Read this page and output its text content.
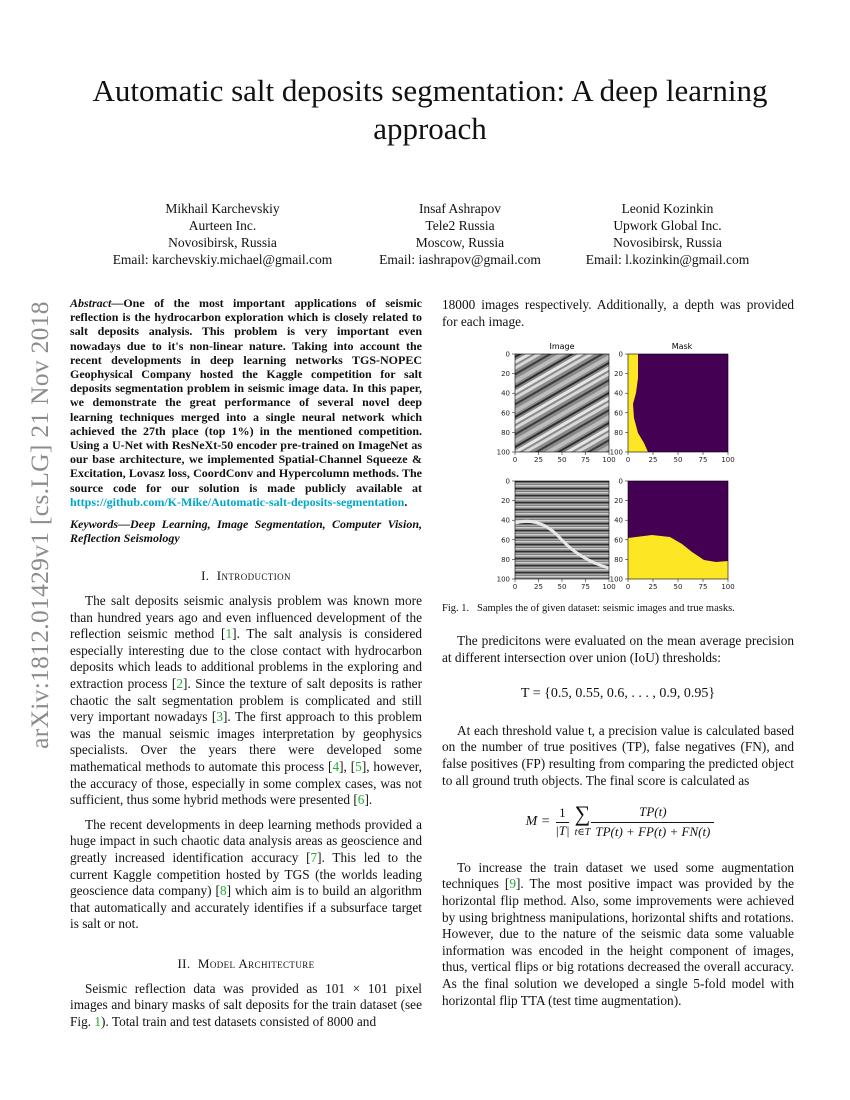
arXiv:1812.01429v1 [cs.LG] 21 Nov 2018
Automatic salt deposits segmentation: A deep learning approach
Mikhail Karchevskiy
Aurteen Inc.
Novosibirsk, Russia
Email: karchevskiy.michael@gmail.com
Insaf Ashrapov
Tele2 Russia
Moscow, Russia
Email: iashrapov@gmail.com
Leonid Kozinkin
Upwork Global Inc.
Novosibirsk, Russia
Email: l.kozinkin@gmail.com
Abstract—One of the most important applications of seismic reflection is the hydrocarbon exploration which is closely related to salt deposits analysis. This problem is very important even nowadays due to it's non-linear nature. Taking into account the recent developments in deep learning networks TGS-NOPEC Geophysical Company hosted the Kaggle competition for salt deposits segmentation problem in seismic image data. In this paper, we demonstrate the great performance of several novel deep learning techniques merged into a single neural network which achieved the 27th place (top 1%) in the mentioned competition. Using a U-Net with ResNeXt-50 encoder pre-trained on ImageNet as our base architecture, we implemented Spatial-Channel Squeeze & Excitation, Lovasz loss, CoordConv and Hypercolumn methods. The source code for our solution is made publicly available at https://github.com/K-Mike/Automatic-salt-deposits-segmentation.
Keywords—Deep Learning, Image Segmentation, Computer Vision, Reflection Seismology
I. Introduction

The salt deposits seismic analysis problem was known more than hundred years ago and even influenced development of the reflection seismic method [1]. The salt analysis is considered especially interesting due to the close contact with hydrocarbon deposits which leads to additional problems in the exploring and extraction process [2]. Since the texture of salt deposits is rather chaotic the salt segmentation problem is complicated and still very important nowadays [3]. The first approach to this problem was the manual seismic images interpretation by geophysics specialists. Over the years there were developed some mathematical methods to automate this process [4], [5], however, the accuracy of those, especially in some complex cases, was not sufficient, thus some hybrid methods were presented [6].

The recent developments in deep learning methods provided a huge impact in such chaotic data analysis areas as geoscience and greatly increased identification accuracy [7]. This led to the current Kaggle competition hosted by TGS (the worlds leading geoscience data company) [8] which aim is to build an algorithm that automatically and accurately identifies if a subsurface target is salt or not.

II. Model Architecture

Seismic reflection data was provided as 101 × 101 pixel images and binary masks of salt deposits for the train dataset (see Fig. 1). Total train and test datasets consisted of 8000 and

18000 images respectively. Additionally, a depth was provided for each image.

Image	Mask
0
20
40
60
80
100
0 25 50 75 100
0
20
40
60
80
100
0	25 50 75 100
0
20
40
60
80
100
0 25 50 75 100
0
20
40
60
80
100
0	25 50 75 100
Fig. 1. Samples the of given dataset: seismic images and true masks.

The predicitons were evaluated on the mean average precision at different intersection over union (IoU) thresholds:

T = {0.5, 0.55, 0.6, . . . , 0.9, 0.95}

At each threshold value t, a precision value is calculated based on the number of true positives (TP), false negatives (FN), and false positives (FP) resulting from comparing the predicted object to all ground truth objects. The final score is calculated as

$M = \frac{1}{|T|}$ ∑
t∈T
TP(t)
TP(t) + FP(t) + FN(t)

To increase the train dataset we used some augmentation techniques [9]. The most positive impact was provided by the horizontal flip method. Also, some improvements were achieved by using brightness manipulations, horizontal shifts and rotations. However, due to the nature of the seismic data some valuable information was encoded in the height component of images, thus, vertical flips or big rotations decreased the overall accuracy. As the final solution we developed a single 5-fold model with horizontal flip TTA (test time augmentation).
